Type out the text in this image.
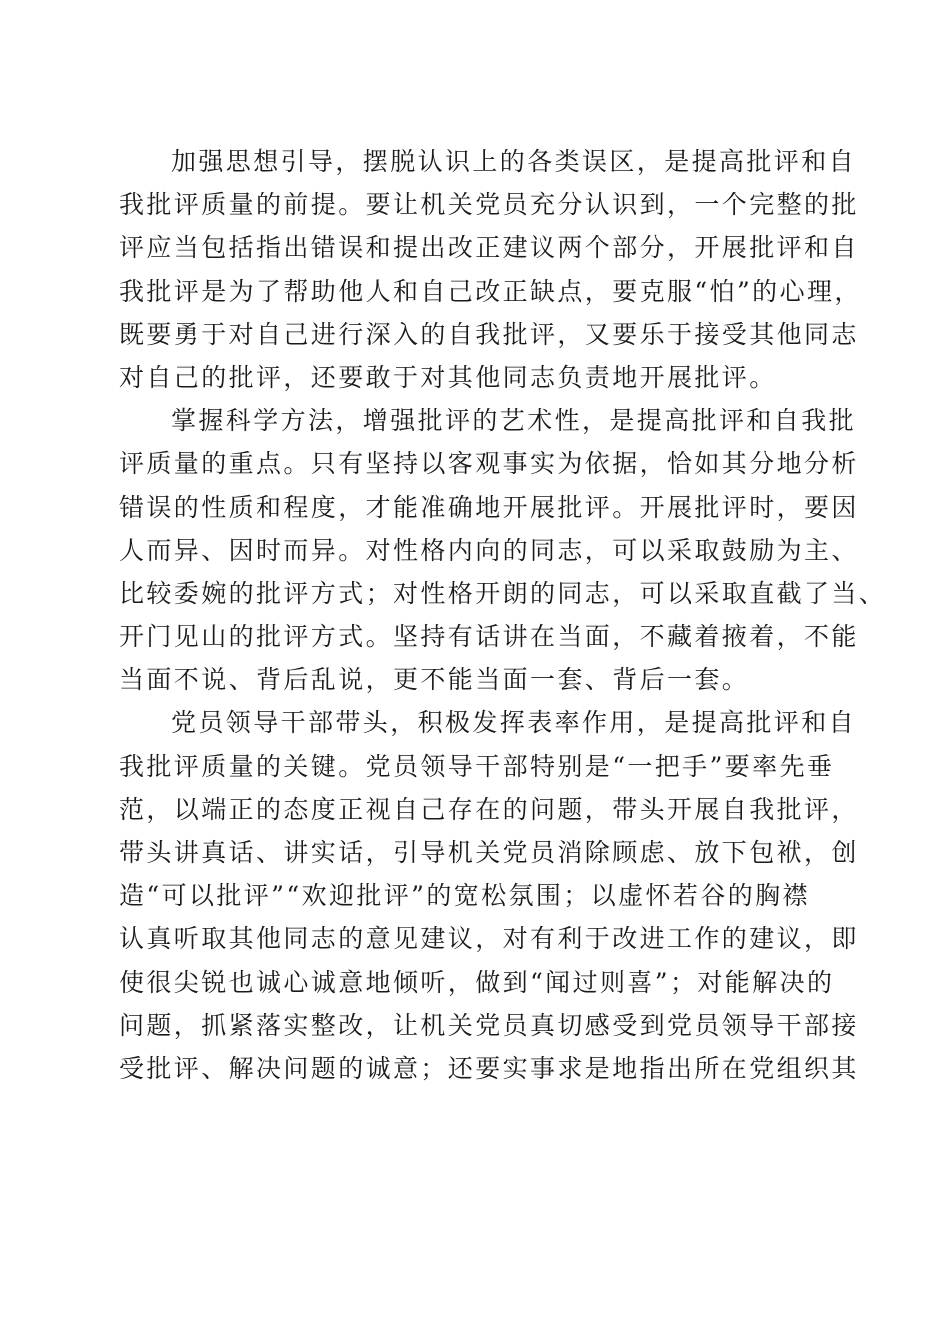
加强思想引导，摆脱认识上的各类误区，是提高批评和自
我批评质量的前提。要让机关党员充分认识到，一个完整的批
评应当包括指出错误和提出改正建议两个部分，开展批评和自
我批评是为了帮助他人和自己改正缺点，要克服“怕”的心理，
既要勇于对自己进行深入的自我批评，又要乐于接受其他同志
对自己的批评，还要敢于对其他同志负责地开展批评。
掌握科学方法，增强批评的艺术性，是提高批评和自我批
评质量的重点。只有坚持以客观事实为依据，恰如其分地分析
错误的性质和程度，才能准确地开展批评。开展批评时，要因
人而异、因时而异。对性格内向的同志，可以采取鼓励为主、
比较委婉的批评方式；对性格开朗的同志，可以采取直截了当、
开门见山的批评方式。坚持有话讲在当面，不藏着掖着，不能
当面不说、背后乱说，更不能当面一套、背后一套。
党员领导干部带头，积极发挥表率作用，是提高批评和自
我批评质量的关键。党员领导干部特别是“一把手”要率先垂
范，以端正的态度正视自己存在的问题，带头开展自我批评，
带头讲真话、讲实话，引导机关党员消除顾虑、放下包袱，创
造“可以批评”“欢迎批评”的宽松氛围；以虚怀若谷的胸襟
认真听取其他同志的意见建议，对有利于改进工作的建议，即
使很尖锐也诚心诚意地倾听，做到“闻过则喜”；对能解决的
问题，抓紧落实整改，让机关党员真切感受到党员领导干部接
受批评、解决问题的诚意；还要实事求是地指出所在党组织其
